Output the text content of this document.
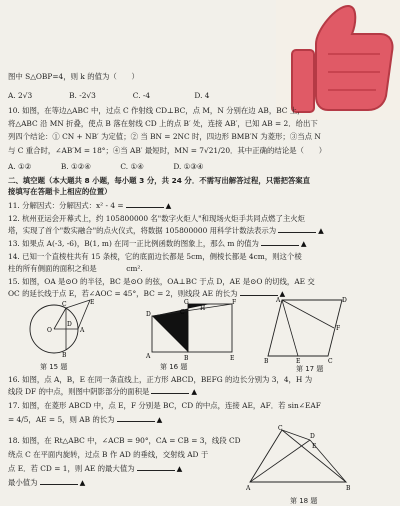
图中 S△OBP=4，则 k 的值为（　　）
A. 2√3　　　　　B. -2√3　　　　　C. -4　　　　　　D. 4
10. 如图，在等边△ABC 中，过点 C 作射线 CD⊥BC，点 M，N 分别在边 AB，BC 上，
将△ABC 沿 MN 折叠，使点 B 落在射线 CD 上的点 B′ 处，连接 AB′，已知 AB = 2．给出下
列四个结论：① CN + NB′ 为定值；② 当 BN = 2NC 时，四边形 BMB′N 为菱形；③当点 N
与 C 重合时，∠AB′M = 18°；④当 AB′ 最短时，MN = 7√21/20．其中正确的结论是（　　）
A. ①②　　　　B. ①②④　　　　C. ①④　　　　D. ①③④
二、填空题（本大题共 8 小题，每小题 3 分，共 24 分．不需写出解答过程，只需把答案直
接填写在答题卡上相应的位置）
11. 分解因式：分解因式：x² - 4 =	▲
12. 杭州亚运会开幕式上，约 105800000 名"数字火炬人"和现场火炬手共同点燃了主火炬
塔，实现了首个"数实融合"的点火仪式，将数据 105800000 用科学计数法表示为	▲
13. 如果点 A(-3, -6)，B(1, m) 在同一正比例函数的图象上，那么 m 的值为	▲
14. 已知一个直棱柱共有 15 条棱，它的底面边长都是 5cm，侧棱长都是 4cm，则这个棱
柱的所有侧面的面积之和是　　　　cm².
15. 如图，OA 是⊙O 的半径，BC 是⊙O 的弦，OA⊥BC 于点 D，AE 是⊙O 的切线，AE 交
OC 的延长线于点 E，若∠AOC = 45°，BC = 2，则线段 AE 的长为	▲
16. 如图，点 A，B，E 在同一条直线上，正方形 ABCD，BEFG 的边长分别为 3，4，H 为
线段 DF 的中点，则图中阴影部分的面积是	▲
17. 如图，在菱形 ABCD 中，点 E，F 分别是 BC，CD 的中点，连接 AE，AF．若 sin∠EAF
= 4/5，AE = 5，则 AB 的长为	▲
18. 如图，在 Rt△ABC 中，∠ACB = 90°，CA = CB = 3，线段 CD
绕点 C 在平面内旋转，过点 B 作 AD 的垂线，交射线 AD 于
点 E．若 CD = 1，则 AE 的最大值为	▲
最小值为	▲
C
D
O
E
A
B
第 15 题
D	C
F
G
H
A	B	E
第 16 题
A	D
F
C
E
B
第 17 题
C
D
E
A	B
第 18 题
